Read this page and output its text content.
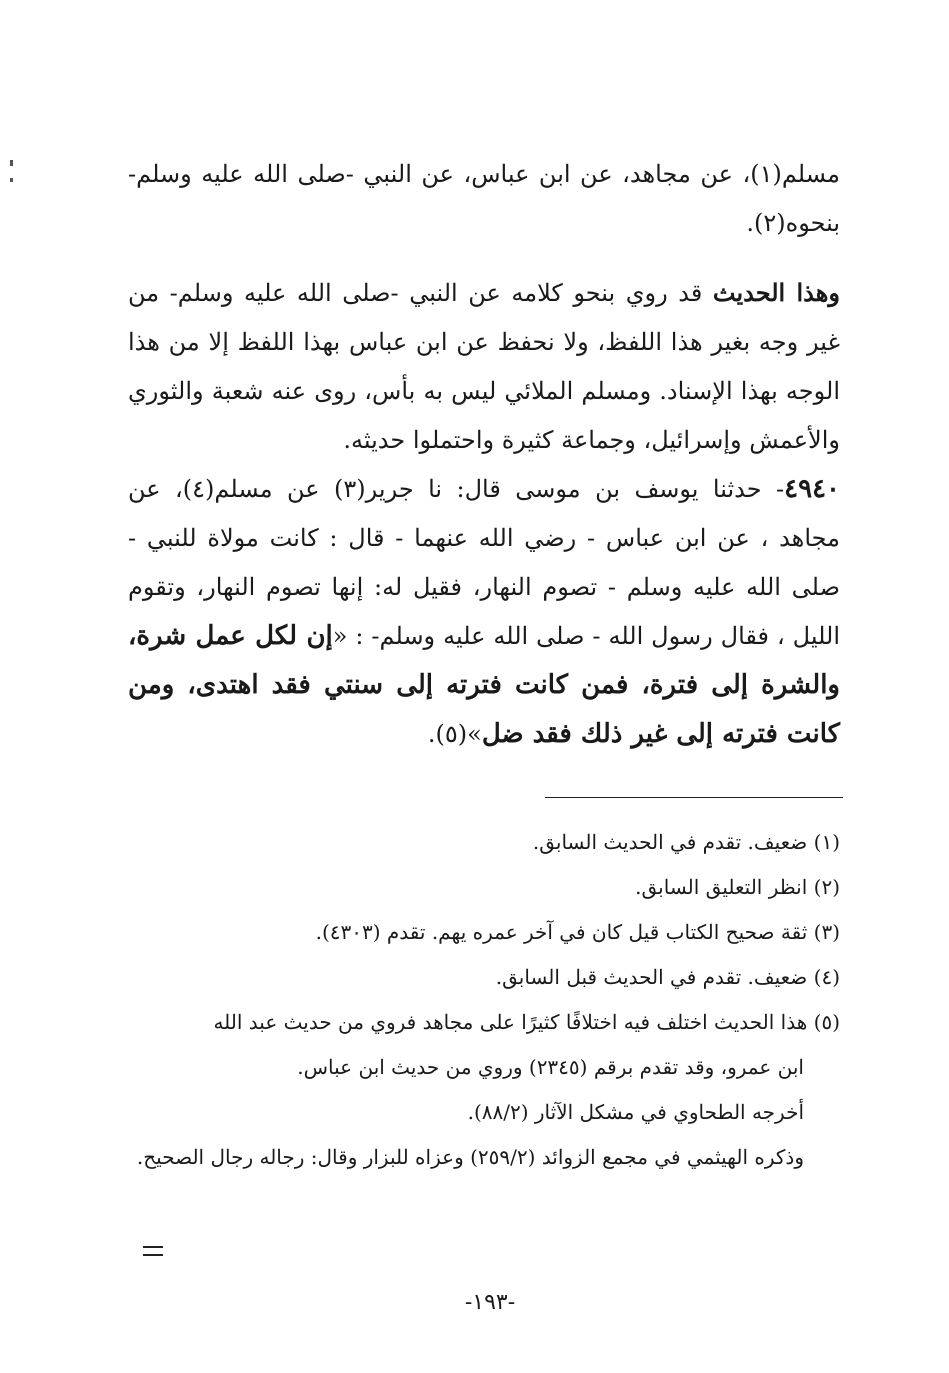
مسلم(١)، عن مجاهد، عن ابن عباس، عن النبي -صلى الله عليه وسلم- بنحوه(٢).

وهذا الحديث قد روي بنحو كلامه عن النبي -صلى الله عليه وسلم- من غير وجه بغير هذا اللفظ، ولا نحفظ عن ابن عباس بهذا اللفظ إلا من هذا الوجه بهذا الإسناد. ومسلم الملائي ليس به بأس، روى عنه شعبة والثوري والأعمش وإسرائيل، وجماعة كثيرة واحتملوا حديثه.

٤٩٤٠- حدثنا يوسف بن موسى قال: نا جرير(٣) عن مسلم(٤)، عن مجاهد ، عن ابن عباس - رضي الله عنهما - قال : كانت مولاة للنبي - صلى الله عليه وسلم - تصوم النهار، فقيل له: إنها تصوم النهار، وتقوم الليل ، فقال رسول الله - صلى الله عليه وسلم- : «إن لكل عمل شرة، والشرة إلى فترة، فمن كانت فترته إلى سنتي فقد اهتدى، ومن كانت فترته إلى غير ذلك فقد ضل»(٥).

(١) ضعيف. تقدم في الحديث السابق.

(٢) انظر التعليق السابق.

(٣) ثقة صحيح الكتاب قيل كان في آخر عمره يهم. تقدم (٤٣٠٣).

(٤) ضعيف. تقدم في الحديث قبل السابق.

(٥) هذا الحديث اختلف فيه اختلافًا كثيرًا على مجاهد فروي من حديث عبد الله

ابن عمرو، وقد تقدم برقم (٢٣٤٥) وروي من حديث ابن عباس.

أخرجه الطحاوي في مشكل الآثار (٨٨/٢).

وذكره الهيثمي في مجمع الزوائد (٢٥٩/٢) وعزاه للبزار وقال: رجاله رجال الصحيح.

-١٩٣-
